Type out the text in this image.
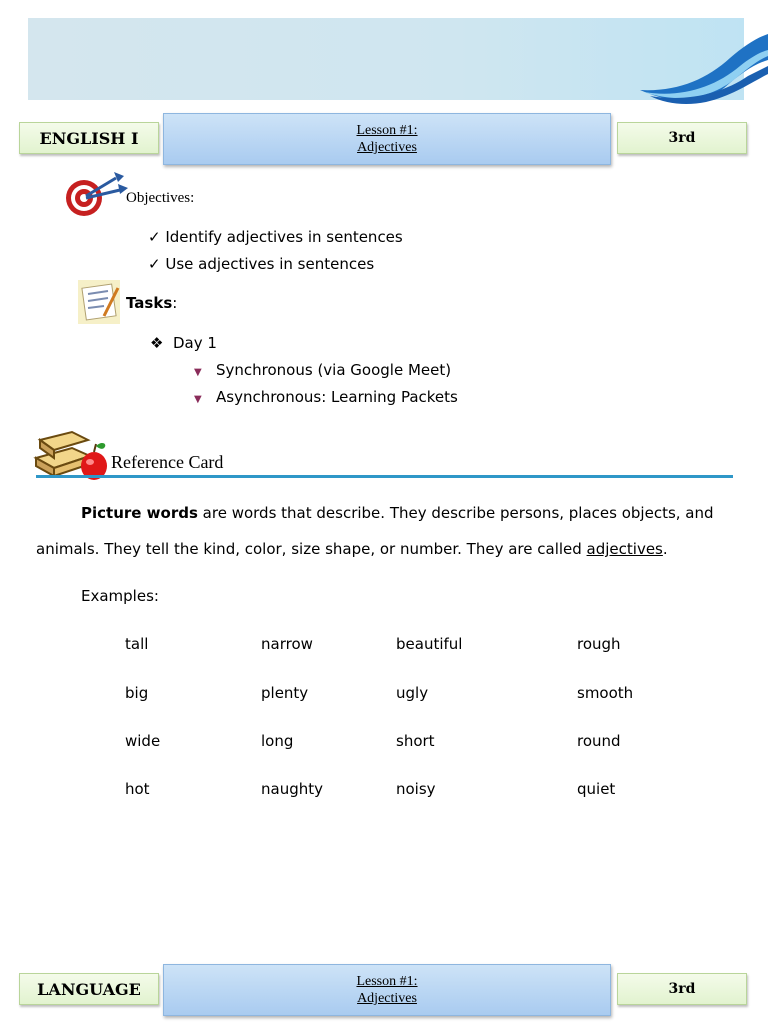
ENGLISH I	Lesson #1:
Adjectives
3rd
Objectives:
✓ Identify adjectives in sentences
✓ Use adjectives in sentences
Tasks:
❖  Day 1
▼ Synchronous (via Google Meet)
▼ Asynchronous: Learning Packets
Reference Card
Picture words are words that describe. They describe persons, places objects, and
animals. They tell the kind, color, size shape, or number. They are called adjectives.
Examples:
tall	narrow	beautiful	rough
big	plenty	ugly	smooth
wide	long	short	round
hot	naughty	noisy	quiet
LANGUAGE	Lesson #1:
Adjectives
3rd
